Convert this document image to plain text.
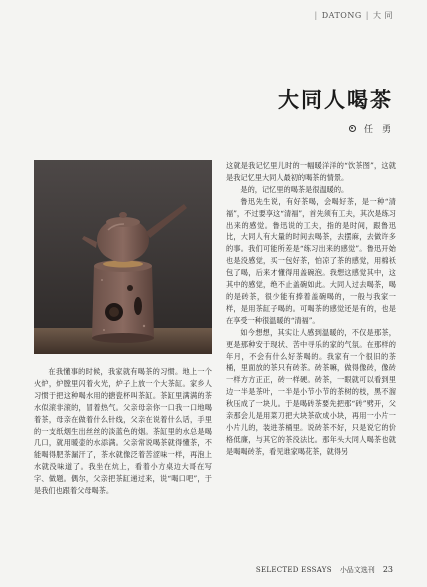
| DATONG | 大 同
大同人喝茶
任　勇

在我懂事的时候，我家就有喝茶的习惯。地上一个火炉，炉膛里闪着火光，炉子上放一个大茶缸。家乡人习惯于把这种喝水用的搪瓷杯叫茶缸。茶缸里满满的茶水似滚非滚的，冒着热气。父亲母亲你一口我一口地喝着茶，母亲在做着什么针线，父亲在说着什么话，手里的一支纸烟生出丝丝的淡蓝色的烟。茶缸里的水总是喝几口，就用暖壶的水添满。父亲常说喝茶就得懂茶，不能喝得肥茶漏汗了，茶水就像泛着苦涩味一样，再泡上水就没味道了。我坐在炕上，看着小方桌边大哥在写字、做题。偶尔，父亲把茶缸递过来，说“喝口吧”，于是我们也跟着父母喝茶。

这就是我记忆里儿时的一幅暖洋洋的“饮茶图”，这就是我记忆里大同人最初的喝茶的情景。

是的，记忆里的喝茶是很温暖的。

鲁迅先生说，有好茶喝，会喝好茶，是一种“清福”，不过要享这“清福”，首先须有工夫，其次是练习出来的感觉。鲁迅说的工夫，指的是时间，跟鲁迅比，大同人有大量的时间去喝茶，去摆麻，去做许多的事。我们可能所差是“练习出来的感觉”。鲁迅开始也是没感觉，买一包好茶，怕凉了茶的感觉，用棉袄包了喝，后来才懂得用盖碗泡。我想这感觉其中，这其中的感觉，绝不止盖碗如此。大同人过去喝茶，喝的是砖茶，很少能有捧着盖碗喝的，一般与我家一样，是用茶缸子喝的。可喝茶的感觉还是有的，也是在享受一种很温暖的“清福”。

如今想想，其实让人感到温暖的，不仅是那茶，更是那种安于现状、苦中寻乐的家的气氛。在那样的年月，不会有什么好茶喝的。我家有一个很旧的茶桶，里面放的茶只有砖茶。砖茶嘛，做得像砖，像砖一样方方正正，砖一样硬。砖茶，一眼就可以看到里边一半是茶叶，一半是小节小节的茶树的枝，黑不溜秋压成了一块儿。于是喝砖茶要先把那“砖”劈开，父亲那会儿是用菜刀把大块茶砍成小块，再用一小片一小片儿的，装进茶桶里。说砖茶不好，只是说它的价格低廉，与其它的茶没法比。那年头大同人喝茶也就是喝喝砖茶，看见谁家喝花茶，就得另

SELECTED ESSAYS 小品文选刊 23
